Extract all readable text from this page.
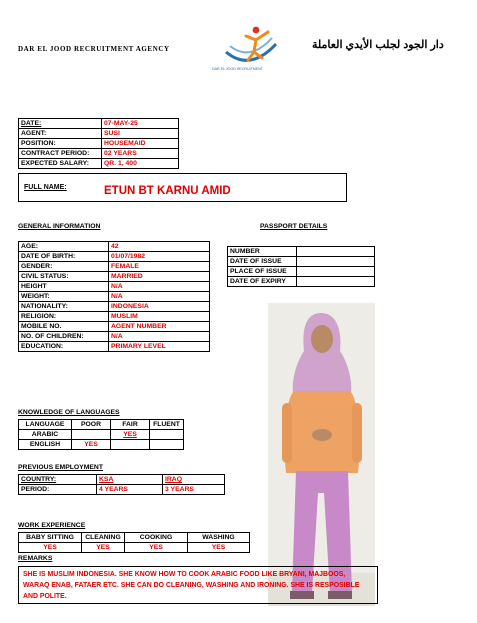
DAR EL JOOD RECRUITMENT AGENCY
DAR EL JOOD RECRUITMENT
دار الجود لجلب الأيدي العاملة
DATE:	07-MAY-25
AGENT:	SUSI
POSITION:	HOUSEMAID
CONTRACT PERIOD:	02 YEARS
EXPECTED SALARY:	QR. 1, 400
FULL NAME:	ETUN BT KARNU AMID
GENERAL INFORMATION
AGE:	42
DATE OF BIRTH:	01/07/1982
GENDER:	FEMALE
CIVIL STATUS:	MARRIED
HEIGHT	N/A
WEIGHT:	N/A
NATIONALITY:	INDONESIA
RELIGION:	MUSLIM
MOBILE NO.	AGENT NUMBER
NO. OF CHILDREN:	N/A
EDUCATION:	PRIMARY LEVEL
PASSPORT DETAILS
NUMBER	
DATE OF ISSUE	
PLACE OF ISSUE	
DATE OF EXPIRY	
KNOWLEDGE OF LANGUAGES
LANGUAGE	POOR	FAIR	FLUENT
ARABIC		YES	
ENGLISH	YES		
PREVIOUS EMPLOYMENT
COUNTRY:	KSA	IRAQ
PERIOD:	4 YEARS	3 YEARS
WORK EXPERIENCE
BABY SITTING	CLEANING	COOKING	WASHING
YES	YES	YES	YES
REMARKS
SHE IS MUSLIM INDONESIA. SHE KNOW HOW TO COOK ARABIC FOOD LIKE BRYANI, MAJBOOS, WARAQ ENAB, FATAER ETC. SHE CAN DO CLEANING, WASHING AND IRONING. SHE IS RESPOSIBLE AND POLITE.
